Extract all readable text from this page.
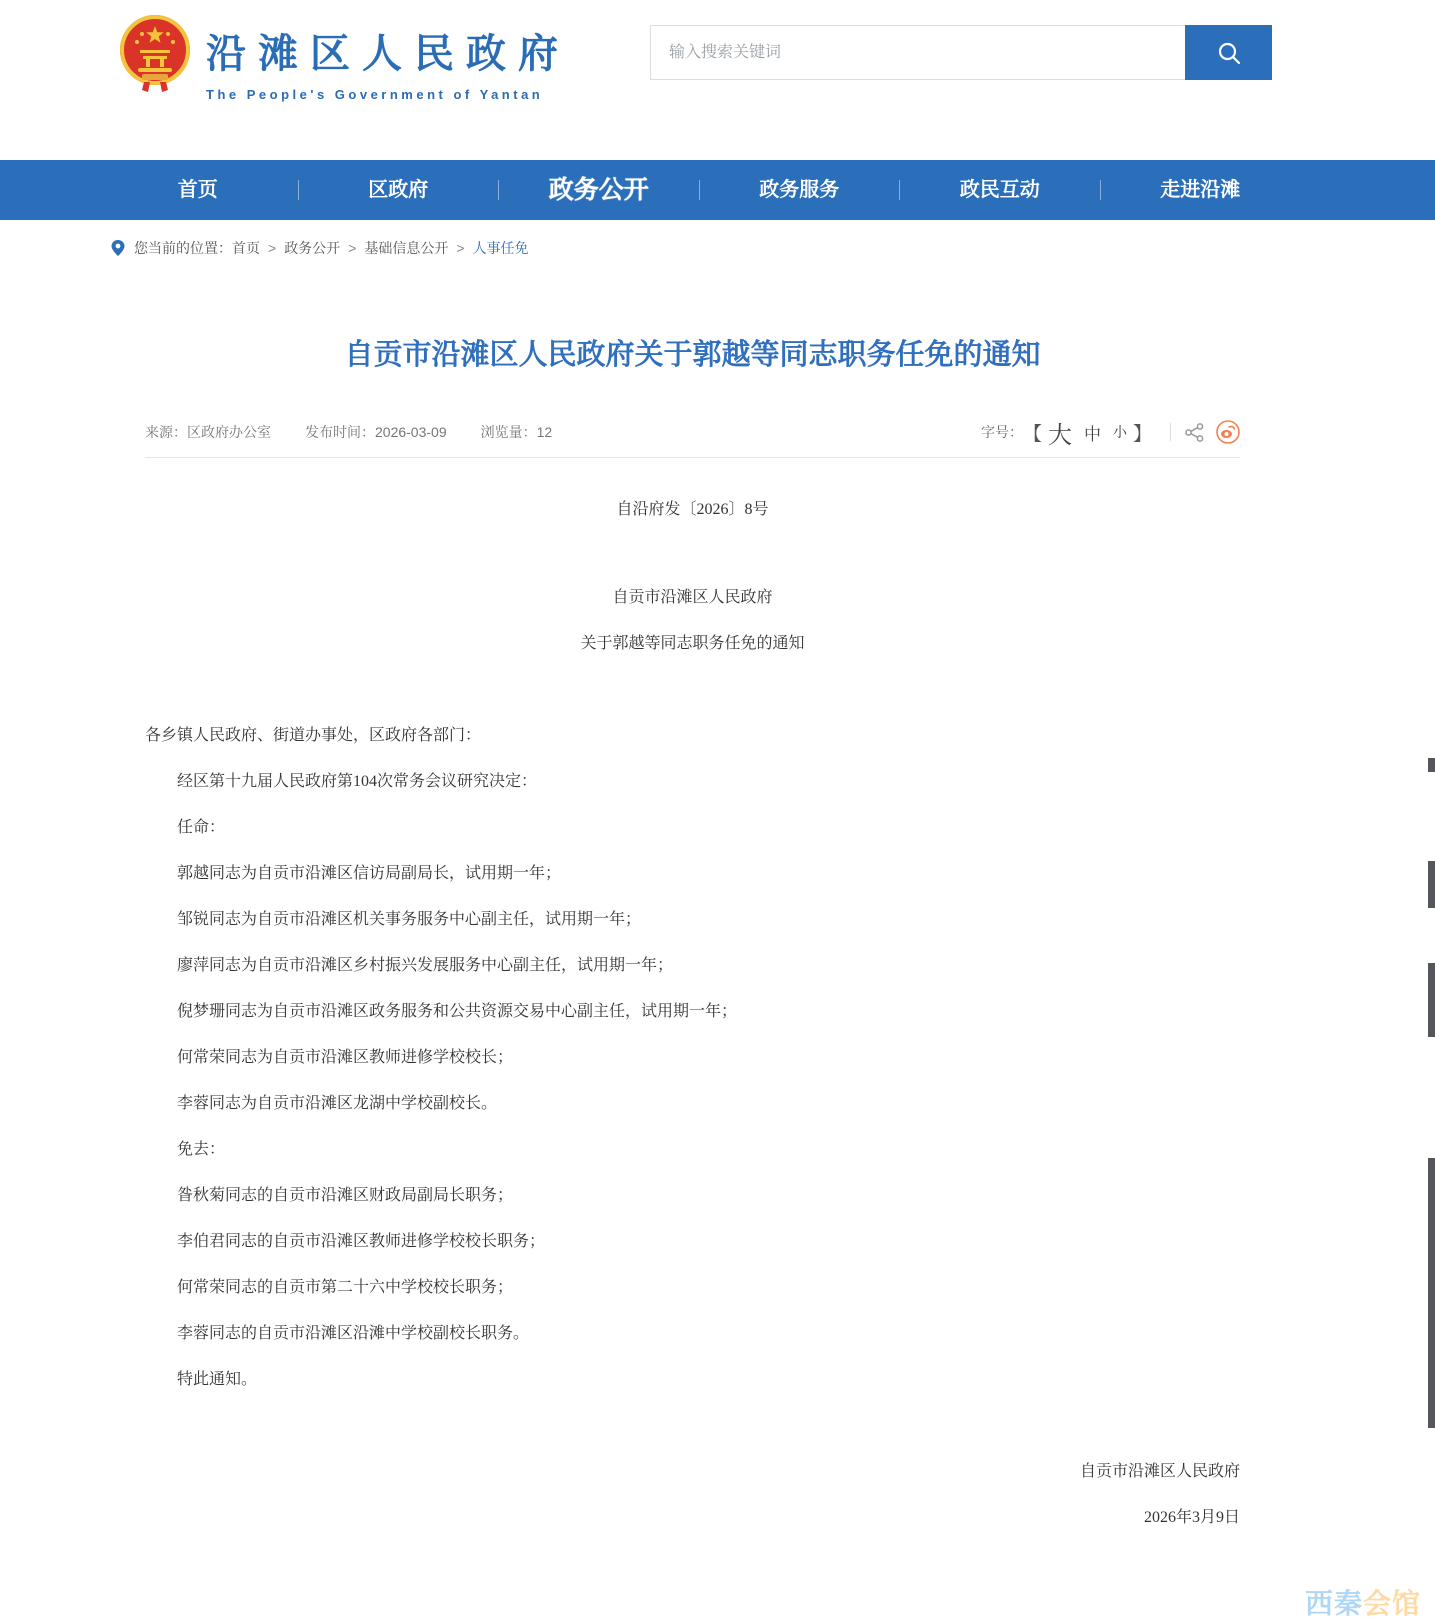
沿滩区人民政府
The People's Government of Yantan
输入搜索关键词
首页	区政府	政务公开	政务服务	政民互动	走进沿滩
您当前的位置： 首页 > 政务公开 > 基础信息公开 > 人事任免
自贡市沿滩区人民政府关于郭越等同志职务任免的通知
来源：区政府办公室 发布时间：2026-03-09 浏览量：12	字号： 【 大 中 小 】

自沿府发〔2026〕8号

自贡市沿滩区人民政府

关于郭越等同志职务任免的通知

各乡镇人民政府、街道办事处，区政府各部门：

经区第十九届人民政府第104次常务会议研究决定：

任命：

郭越同志为自贡市沿滩区信访局副局长，试用期一年；

邹锐同志为自贡市沿滩区机关事务服务中心副主任，试用期一年；

廖萍同志为自贡市沿滩区乡村振兴发展服务中心副主任，试用期一年；

倪梦珊同志为自贡市沿滩区政务服务和公共资源交易中心副主任，试用期一年；

何常荣同志为自贡市沿滩区教师进修学校校长；

李蓉同志为自贡市沿滩区龙湖中学校副校长。

免去：

昝秋菊同志的自贡市沿滩区财政局副局长职务；

李伯君同志的自贡市沿滩区教师进修学校校长职务；

何常荣同志的自贡市第二十六中学校校长职务；

李蓉同志的自贡市沿滩区沿滩中学校副校长职务。

特此通知。

自贡市沿滩区人民政府

2026年3月9日

西秦会馆
